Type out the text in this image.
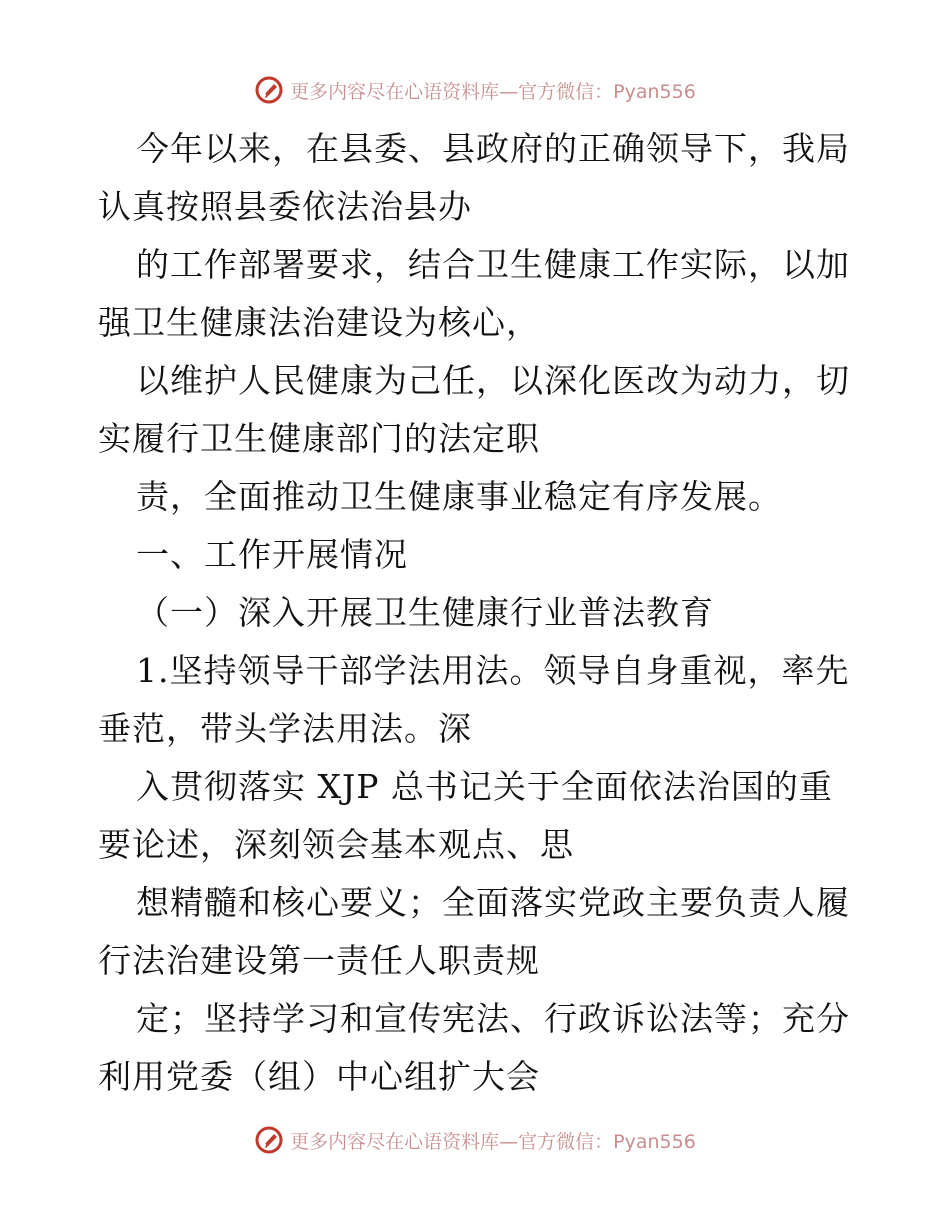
更多内容尽在心语资料库—官方微信：Pyan556
今年以来，在县委、县政府的正确领导下，我局
认真按照县委依法治县办
的工作部署要求，结合卫生健康工作实际，以加
强卫生健康法治建设为核心，
以维护人民健康为己任，以深化医改为动力，切
实履行卫生健康部门的法定职
责，全面推动卫生健康事业稳定有序发展。
一、工作开展情况
（一）深入开展卫生健康行业普法教育
1.坚持领导干部学法用法。领导自身重视，率先
垂范，带头学法用法。深
入贯彻落实 XJP 总书记关于全面依法治国的重
要论述，深刻领会基本观点、思
想精髓和核心要义；全面落实党政主要负责人履
行法治建设第一责任人职责规
定；坚持学习和宣传宪法、行政诉讼法等；充分
利用党委（组）中心组扩大会
更多内容尽在心语资料库—官方微信：Pyan556
